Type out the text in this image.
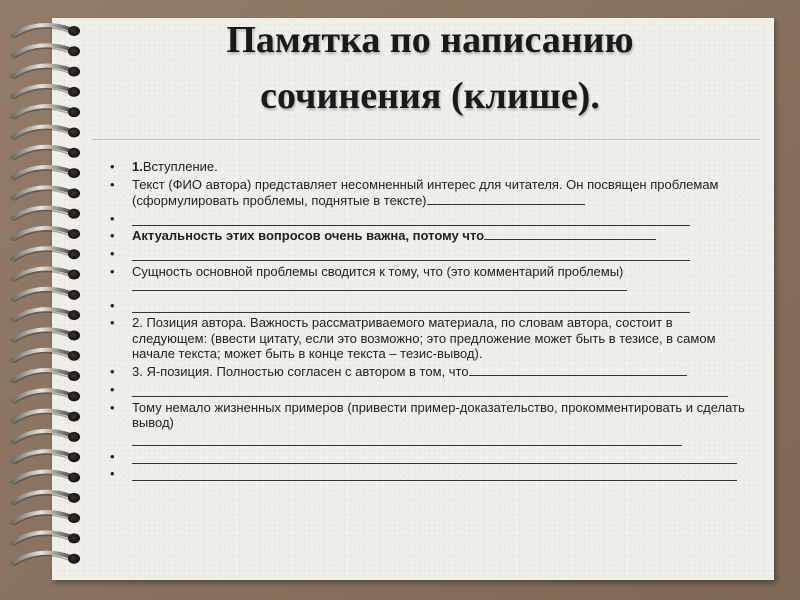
Памятка по написанию
сочинения (клише).
•	1.Вступление.
•	Текст (ФИО автора) представляет несомненный интерес для читателя. Он посвящен проблемам (сформулировать проблемы, поднятые в тексте)
•
•	Актуальность этих вопросов очень важна, потому что
•
•	Сущность основной проблемы сводится к тому, что (это комментарий проблемы)
•
•	2. Позиция автора. Важность рассматриваемого материала, по словам автора, состоит в следующем: (ввести цитату, если это возможно; это предложение может быть в тезисе, в самом начале текста; может быть в конце текста – тезис-вывод).
•	3. Я-позиция. Полностью согласен с автором в том, что
•
•	Тому немало жизненных примеров (привести пример-доказательство, прокомментировать и сделать вывод)
•
•
